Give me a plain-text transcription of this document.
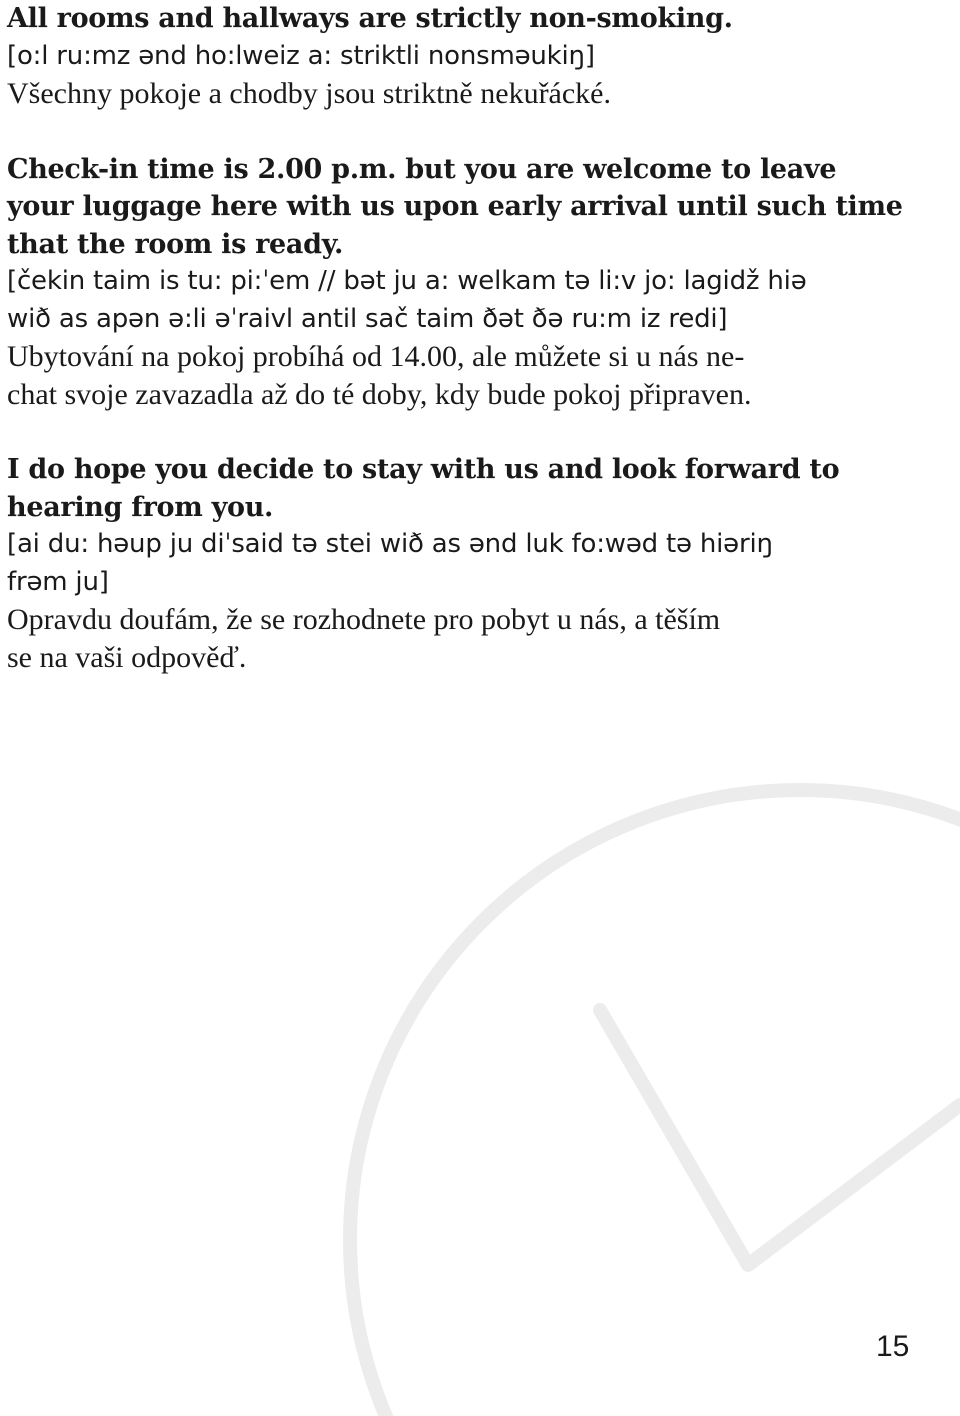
All rooms and hallways are strictly non-smoking.
[o:l ru:mz ənd ho:lweiz a: striktli nonsməukiŋ]
Všechny pokoje a chodby jsou striktně nekuřácké.
Check-in time is 2.00 p.m. but you are welcome to leave
your luggage here with us upon early arrival until such time
that the room is ready.
[čekin taim is tu: pi:ˈem // bət ju a: welkam tə li:v jo: lagidž hiə
wið as apən ə:li əˈraivl antil sač taim ðət ðə ru:m iz redi]
Ubytování na pokoj probíhá od 14.00, ale můžete si u nás ne-
chat svoje zavazadla až do té doby, kdy bude pokoj připraven.
I do hope you decide to stay with us and look forward to
hearing from you.
[ai du: həup ju diˈsaid tə stei wið as ənd luk fo:wəd tə hiəriŋ
frəm ju]
Opravdu doufám, že se rozhodnete pro pobyt u nás, a těším
se na vaši odpověď.
15
